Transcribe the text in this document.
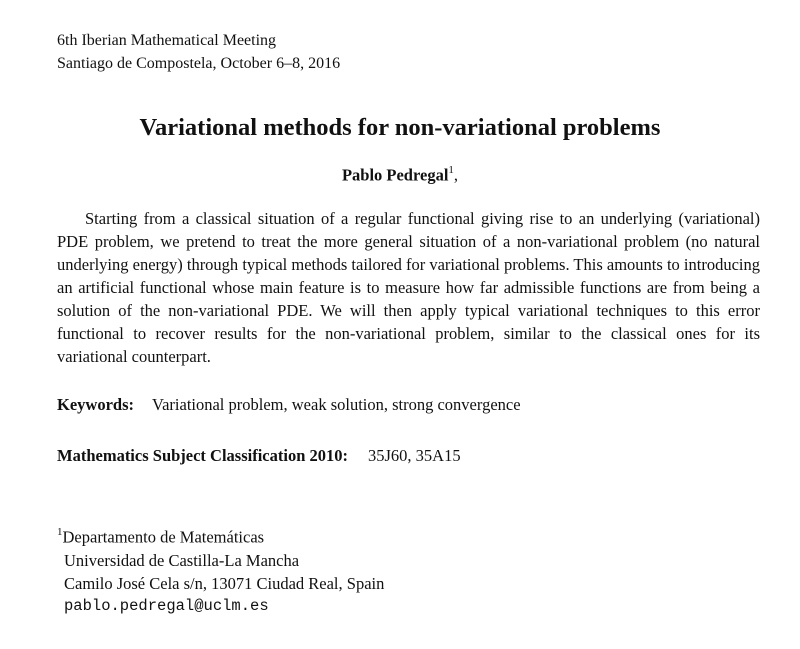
6th Iberian Mathematical Meeting
Santiago de Compostela, October 6–8, 2016
Variational methods for non-variational problems
Pablo Pedregal$^1$,
Starting from a classical situation of a regular functional giving rise to an underlying (variational) PDE problem, we pretend to treat the more general situation of a non-variational problem (no natural underlying energy) through typical methods tailored for variational problems. This amounts to introducing an artificial functional whose main feature is to measure how far admissible functions are from being a solution of the non-variational PDE. We will then apply typical variational techniques to this error functional to recover results for the non-variational problem, similar to the classical ones for its variational counterpart.
Keywords: Variational problem, weak solution, strong convergence
Mathematics Subject Classification 2010: 35J60, 35A15
$^1$Departamento de Matemáticas
Universidad de Castilla-La Mancha
Camilo José Cela s/n, 13071 Ciudad Real, Spain
pablo.pedregal@uclm.es
